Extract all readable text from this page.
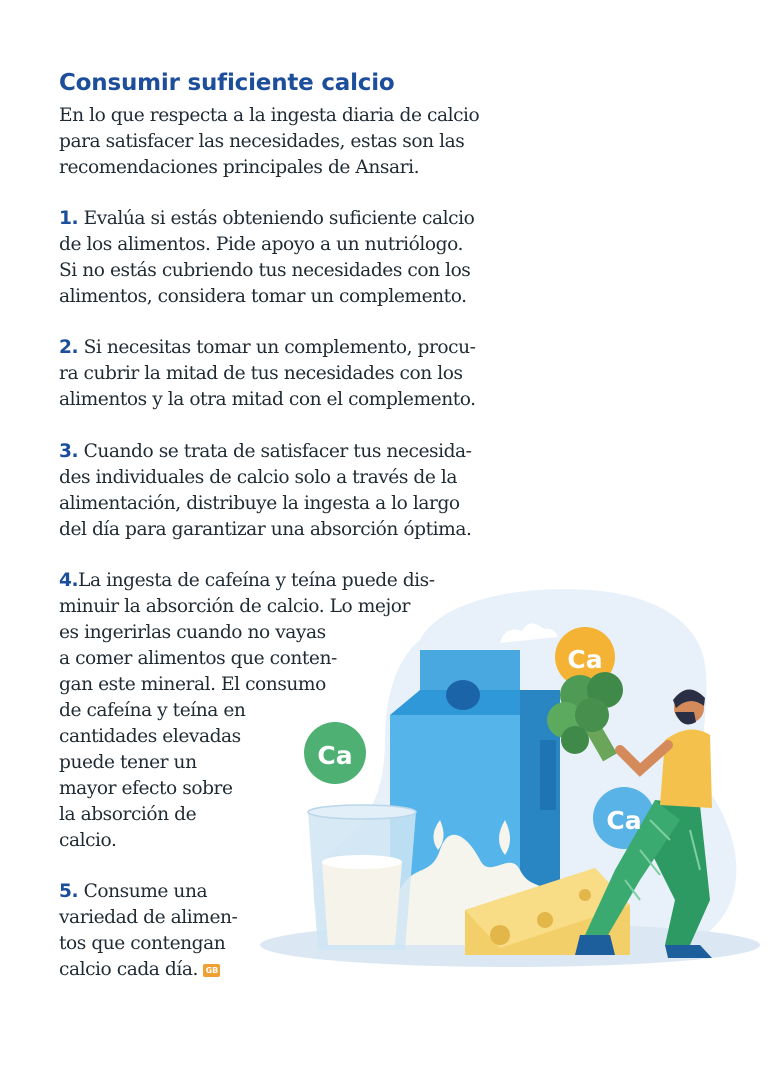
Ca
Ca
Ca
Consumir suficiente calcio

En lo que respecta a la ingesta diaria de calcio
para satisfacer las necesidades, estas son las
recomendaciones principales de Ansari.

1. Evalúa si estás obteniendo suficiente calcio
de los alimentos. Pide apoyo a un nutriólogo.
Si no estás cubriendo tus necesidades con los
alimentos, considera tomar un complemento.

2. Si necesitas tomar un complemento, procu-
ra cubrir la mitad de tus necesidades con los
alimentos y la otra mitad con el complemento.

3. Cuando se trata de satisfacer tus necesida-
des individuales de calcio solo a través de la
alimentación, distribuye la ingesta a lo largo
del día para garantizar una absorción óptima.

4.La ingesta de cafeína y teína puede dis-
minuir la absorción de calcio. Lo mejor
es ingerirlas cuando no vayas
a comer alimentos que conten-
gan este mineral. El consumo
de cafeína y teína en
cantidades elevadas
puede tener un
mayor efecto sobre
la absorción de
calcio.

5. Consume una
variedad de alimen-
tos que contengan
calcio cada día. GB
